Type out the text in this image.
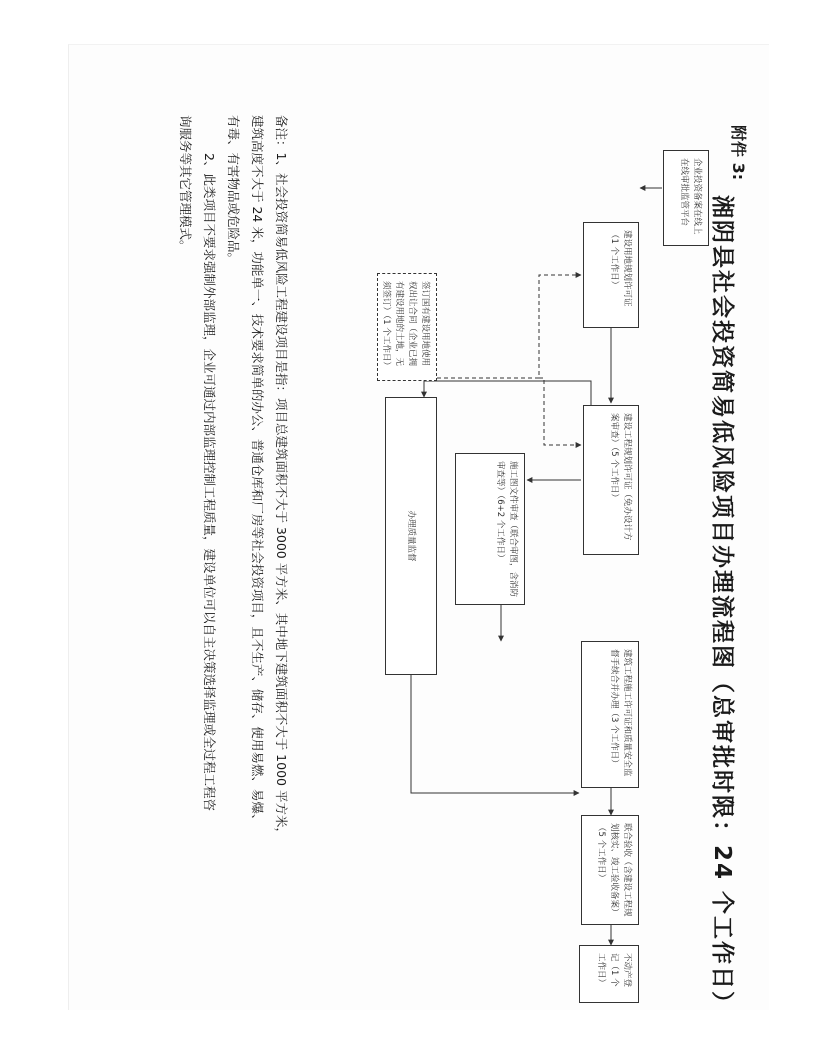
附件 3:
湘阴县社会投资简易低风险项目办理流程图（总审批时限：24 个工作日）
企业投资备案在线上在线审批监管平台
建设用地规划许可证（1 个工作日）
签订国有建设用地使用权出让合同（企业已拥有建设用地的土地，无须签订）（1 个工作日）
建设工程规划许可证（免办设计方案审查）（5 个工作日）
施工图文件审查（联合审图，含消防审查等）（6+2 个工作日）
建筑工程施工许可证和质量安全监督手续合并办理（3 个工作日）
办理质量监督
联合验收（含建设工程规划核实、竣工验收备案）（5 个工作日）
不动产登记（1 个工作日）
备注：1、社会投资简易低风险工程建设项目是指：项目总建筑面积不大于 3000 平方米、其中地下建筑面积不大于 1000 平方米，
建筑高度不大于 24 米，功能单一、技术要求简单的办公、普通仓库和厂房等社会投资项目，且不生产、储存、使用易燃、易爆、
有毒、有害物品或危险品。
2、此类项目不要求强制外部监理，企业可通过内部监理控制工程质量，建设单位可以自主决策选择监理或全过程工程咨
询服务等其它管理模式。
